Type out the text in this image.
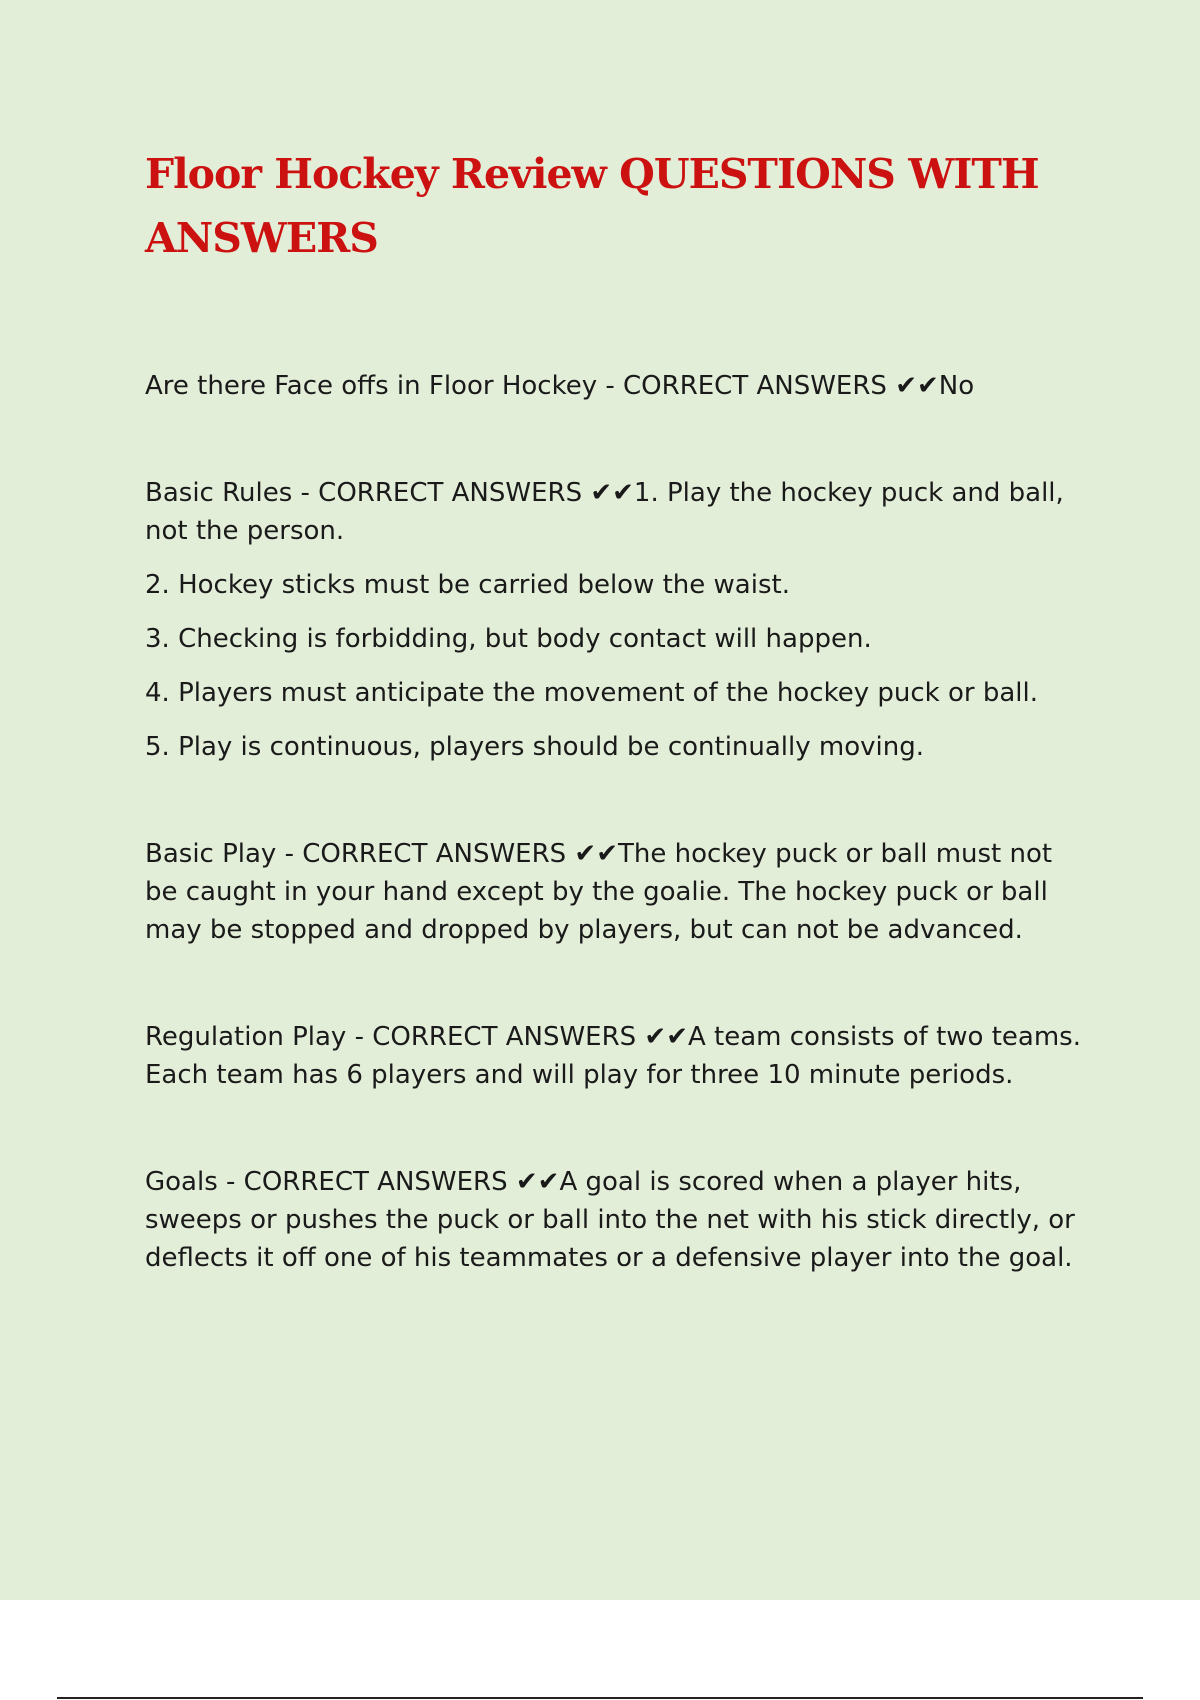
Floor Hockey Review QUESTIONS WITH ANSWERS

Are there Face offs in Floor Hockey - CORRECT ANSWERS ✔✔No

Basic Rules - CORRECT ANSWERS ✔✔1. Play the hockey puck and ball, not the person.

2. Hockey sticks must be carried below the waist.

3. Checking is forbidding, but body contact will happen.

4. Players must anticipate the movement of the hockey puck or ball.

5. Play is continuous, players should be continually moving.

Basic Play - CORRECT ANSWERS ✔✔The hockey puck or ball must not be caught in your hand except by the goalie. The hockey puck or ball may be stopped and dropped by players, but can not be advanced.

Regulation Play - CORRECT ANSWERS ✔✔A team consists of two teams. Each team has 6 players and will play for three 10 minute periods.

Goals - CORRECT ANSWERS ✔✔A goal is scored when a player hits, sweeps or pushes the puck or ball into the net with his stick directly, or deflects it off one of his teammates or a defensive player into the goal.
